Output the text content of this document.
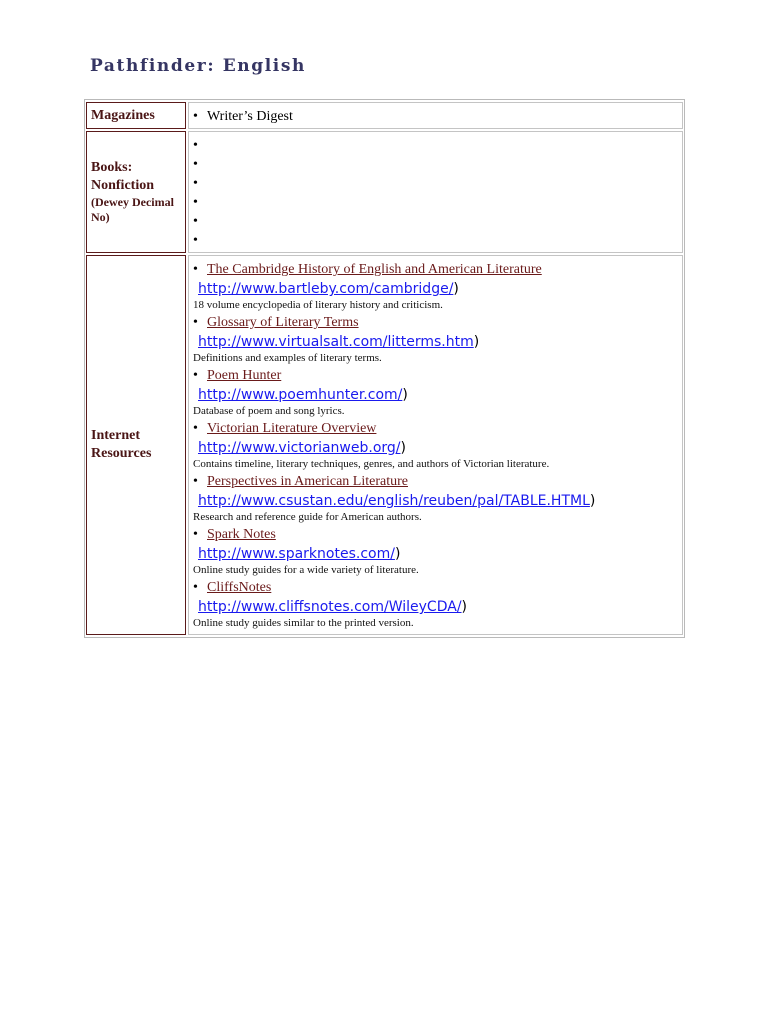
Pathfinder: English
Magazines	• Writer’s Digest
Books:
Nonfiction
(Dewey Decimal No)
•
•
•
•
•
•
Internet Resources
• The Cambridge History of English and American Literature
http://www.bartleby.com/cambridge/)
18 volume encyclopedia of literary history and criticism.
• Glossary of Literary Terms
http://www.virtualsalt.com/litterms.htm)
Definitions and examples of literary terms.
• Poem Hunter
http://www.poemhunter.com/)
Database of poem and song lyrics.
• Victorian Literature Overview
http://www.victorianweb.org/)
Contains timeline, literary techniques, genres, and authors of Victorian literature.
• Perspectives in American Literature
http://www.csustan.edu/english/reuben/pal/TABLE.HTML)
Research and reference guide for American authors.
• Spark Notes
http://www.sparknotes.com/)
Online study guides for a wide variety of literature.
• CliffsNotes
http://www.cliffsnotes.com/WileyCDA/)
Online study guides similar to the printed version.
